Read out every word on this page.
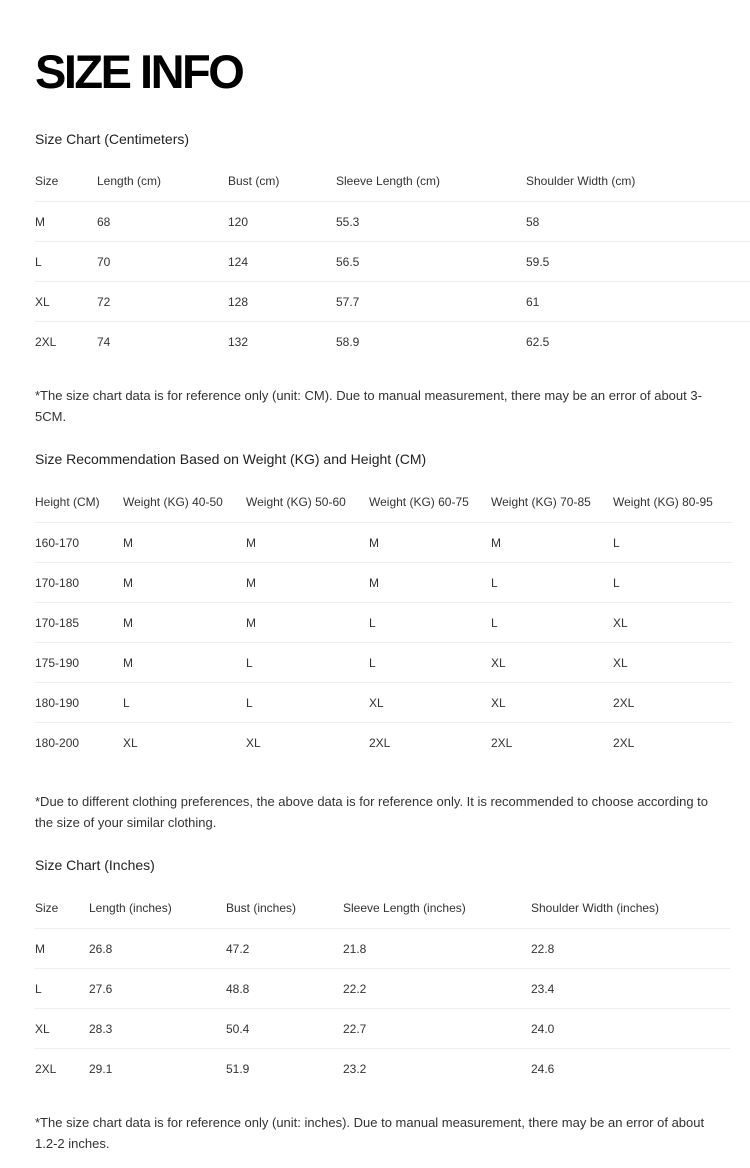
SIZE INFO
Size Chart (Centimeters)
Size	Length (cm)	Bust (cm)	Sleeve Length (cm)	Shoulder Width (cm)
M	68	120	55.3	58
L	70	124	56.5	59.5
XL	72	128	57.7	61
2XL	74	132	58.9	62.5

*The size chart data is for reference only (unit: CM). Due to manual measurement, there may be an error of about 3-5CM.

Size Recommendation Based on Weight (KG) and Height (CM)
Height (CM)	Weight (KG) 40-50	Weight (KG) 50-60	Weight (KG) 60-75	Weight (KG) 70-85	Weight (KG) 80-95
160-170	M	M	M	M	L
170-180	M	M	M	L	L
170-185	M	M	L	L	XL
175-190	M	L	L	XL	XL
180-190	L	L	XL	XL	2XL
180-200	XL	XL	2XL	2XL	2XL

*Due to different clothing preferences, the above data is for reference only. It is recommended to choose according to the size of your similar clothing.

Size Chart (Inches)
Size	Length (inches)	Bust (inches)	Sleeve Length (inches)	Shoulder Width (inches)
M	26.8	47.2	21.8	22.8
L	27.6	48.8	22.2	23.4
XL	28.3	50.4	22.7	24.0
2XL	29.1	51.9	23.2	24.6

*The size chart data is for reference only (unit: inches). Due to manual measurement, there may be an error of about 1.2-2 inches.
